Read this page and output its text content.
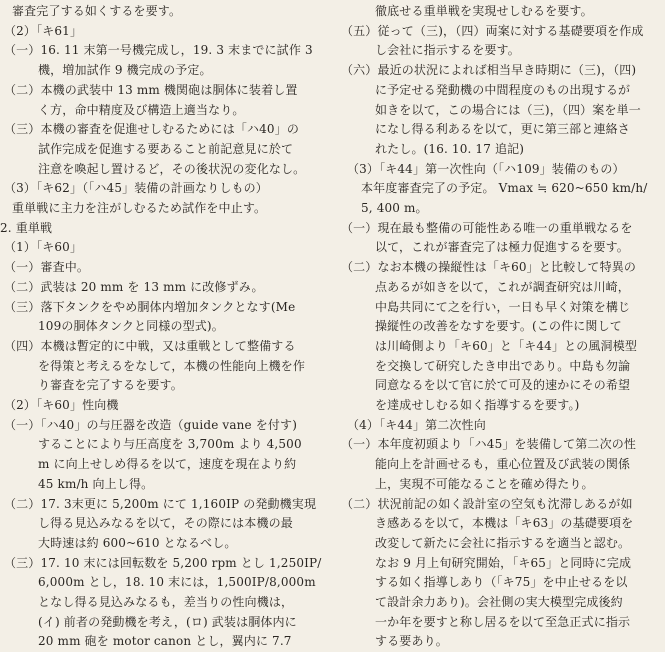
審査完了する如くするを要す。
（2）「キ61」
（一）16. 11 末第一号機完成し，19. 3 末までに試作 3
機，増加試作 9 機完成の予定。
（二）本機の武装中 13 mm 機関砲は胴体に装着し置
く方，命中精度及び構造上適当なり。
（三）本機の審査を促進せしむるためには「ハ40」の
試作完成を促進する要あること前記意見に於て
注意を喚起し置けるど，その後状況の変化なし。
（3）「キ62」（「ハ45」装備の計画なりしもの）
重単戦に主力を注がしむるため試作を中止す。
2. 重単戦
（1）「キ60」
（一）審査中。
（二）武装は 20 mm を 13 mm に改修ずみ。
（三）落下タンクをやめ胴体内増加タンクとなす(Me
109の胴体タンクと同様の型式)。
（四）本機は暫定的に中戦，又は重戦として整備する
を得策と考えるをなして，本機の性能向上機を作
り審査を完了するを要す。
（2）「キ60」性向機
（一）「ハ40」の与圧器を改造（guide vane を付す)
することにより与圧高度を 3,700m より 4,500
m に向上せしめ得るを以て，速度を現在より約
45 km/h 向上し得。
（二）17. 3末更に 5,200m にて 1,160IP の発動機実現
し得る見込みなるを以て，その際には本機の最
大時速は約 600~610 となるべし。
（三）17. 10 末には回転数を 5,200 rpm とし 1,250IP/
6,000m とし，18. 10 末には，1,500IP/8,000m
となし得る見込みなるも，差当りの性向機は，
(イ) 前者の発動機を考え，(ロ) 武装は胴体内に
20 mm 砲を motor canon とし，翼内に 7.7
徹底せる重単戦を実現せしむるを要す。
（五）従って（三)，（四）両案に対する基礎要項を作成
し会社に指示するを要す。
（六）最近の状況によれば相当早き時期に（三)，（四)
に予定せる発動機の中間程度のもの出現するが
如きを以て，この場合には（三)，（四）案を単一
になし得る利あるを以て，更に第三部と連絡さ
れたし。(16. 10. 17 追記)
（3）「キ44」第一次性向（「ハ109」装備のもの）
本年度審査完了の予定。 Vmax ≒ 620~650 km/h/
5, 400 m。
（一）現在最も整備の可能性ある唯一の重単戦なるを
以て，これが審査完了は極力促進するを要す。
（二）なお本機の操縦性は「キ60」と比較して特異の
点あるが如きを以て，これが調査研究は川崎，
中島共同にて之を行い，一日も早く対策を構じ
操縦性の改善をなすを要す。(この件に関して
は川崎側より「キ60」と「キ44」との風洞模型
を交換して研究したき申出であり。中島も勿論
同意なるを以て官に於て可及的速かにその希望
を達成せしむる如く指導するを要す。)
（4）「キ44」第二次性向
（一）本年度初頭より「ハ45」を装備して第二次の性
能向上を計画せるも，重心位置及び武装の関係
上，実現不可能なることを確め得たり。
（二）状況前記の如く設計室の空気も沈滞しあるが如
き感あるを以て，本機は「キ63」の基礎要項を
改変して新たに会社に指示するを適当と認む。
なお 9 月上旬研究開始，「キ65」と同時に完成
する如く指導しあり（「キ75」を中止せるを以
て設計余力あり)。会社側の実大模型完成後約
一か年を要すと称し居るを以て至急正式に指示
する要あり。
